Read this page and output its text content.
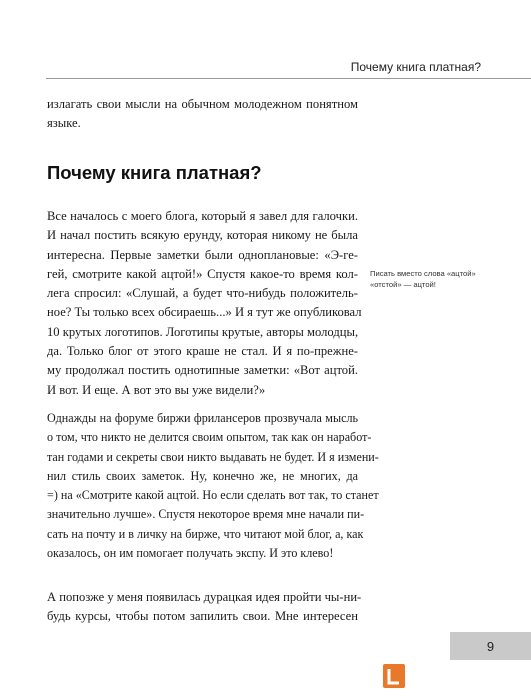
Почему книга платная?

излагать свои мысли на обычном молодежном понятном
языке.

Почему книга платная?

Все началось с моего блога, который я завел для галочки.
И начал постить всякую ерунду, которая никому не была
интересна. Первые заметки были одноплановые: «Э-ге-
гей, смотрите какой ацтой!» Спустя какое-то время кол-
лега спросил: «Слушай, а будет что-нибудь положитель-
ное? Ты только всех обсираешь...» И я тут же опубликовал
10 крутых логотипов. Логотипы крутые, авторы молодцы,
да. Только блог от этого краше не стал. И я по-прежне-
му продолжал постить однотипные заметки: «Вот ацтой.
И вот. И еще. А вот это вы уже видели?»

Писать вместо слова «ацтой» «отстой» — ацтой!

Однажды на форуме биржи фрилансеров прозвучала мысль
о том, что никто не делится своим опытом, так как он наработ-
тан годами и секреты свои никто выдавать не будет. И я измени-
нил стиль своих заметок. Ну, конечно же, не многих, да
=) на «Смотрите какой ацтой. Но если сделать вот так, то станет
значительно лучше». Спустя некоторое время мне начали пи-
сать на почту и в личку на бирже, что читают мой блог, а, как
оказалось, он им помогает получать экспу. И это клево!

А попозже у меня появилась дурацкая идея пройти чы-ни-
будь курсы, чтобы потом запилить свои. Мне интересен

9
